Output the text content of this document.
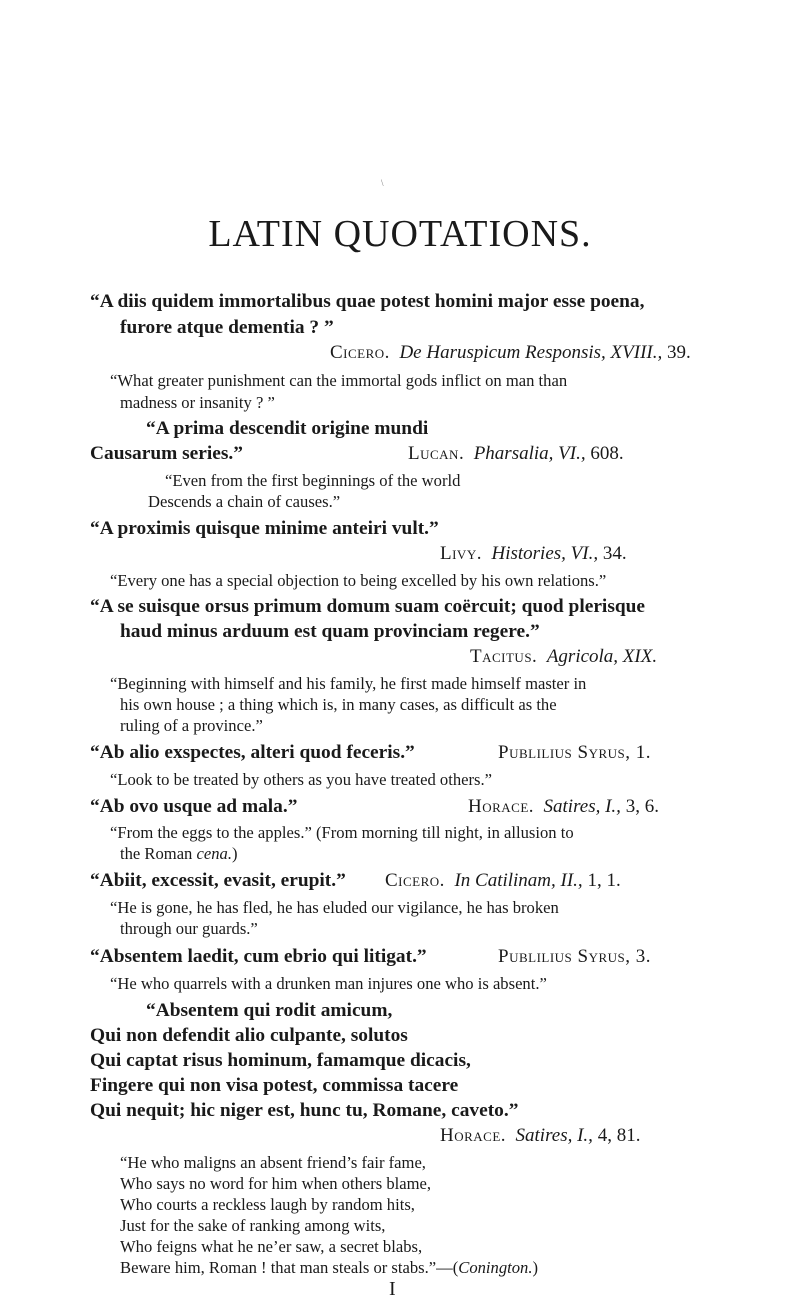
\
LATIN QUOTATIONS.
“A diis quidem immortalibus quae potest homini major esse poena,
furore atque dementia ? ”
Cicero. De Haruspicum Responsis, XVIII., 39.
“What greater punishment can the immortal gods inflict on man than
madness or insanity ? ”
“A prima descendit origine mundi
Causarum series.”	Lucan. Pharsalia, VI., 608.
“Even from the first beginnings of the world
Descends a chain of causes.”
“A proximis quisque minime anteiri vult.”
Livy. Histories, VI., 34.
“Every one has a special objection to being excelled by his own relations.”
“A se suisque orsus primum domum suam coërcuit; quod plerisque
haud minus arduum est quam provinciam regere.”
Tacitus. Agricola, XIX.
“Beginning with himself and his family, he first made himself master in
his own house ; a thing which is, in many cases, as difficult as the
ruling of a province.”
“Ab alio exspectes, alteri quod feceris.”	Publilius Syrus, 1.
“Look to be treated by others as you have treated others.”
“Ab ovo usque ad mala.”	Horace. Satires, I., 3, 6.
“From the eggs to the apples.” (From morning till night, in allusion to
the Roman cena.)
“Abiit, excessit, evasit, erupit.” Cicero. In Catilinam, II., 1, 1.
“He is gone, he has fled, he has eluded our vigilance, he has broken
through our guards.”
“Absentem laedit, cum ebrio qui litigat.”	Publilius Syrus, 3.
“He who quarrels with a drunken man injures one who is absent.”
“Absentem qui rodit amicum,
Qui non defendit alio culpante, solutos
Qui captat risus hominum, famamque dicacis,
Fingere qui non visa potest, commissa tacere
Qui nequit; hic niger est, hunc tu, Romane, caveto.”
Horace. Satires, I., 4, 81.
“He who maligns an absent friend’s fair fame,
Who says no word for him when others blame,
Who courts a reckless laugh by random hits,
Just for the sake of ranking among wits,
Who feigns what he ne’er saw, a secret blabs,
Beware him, Roman ! that man steals or stabs.”—(Conington.)
I
